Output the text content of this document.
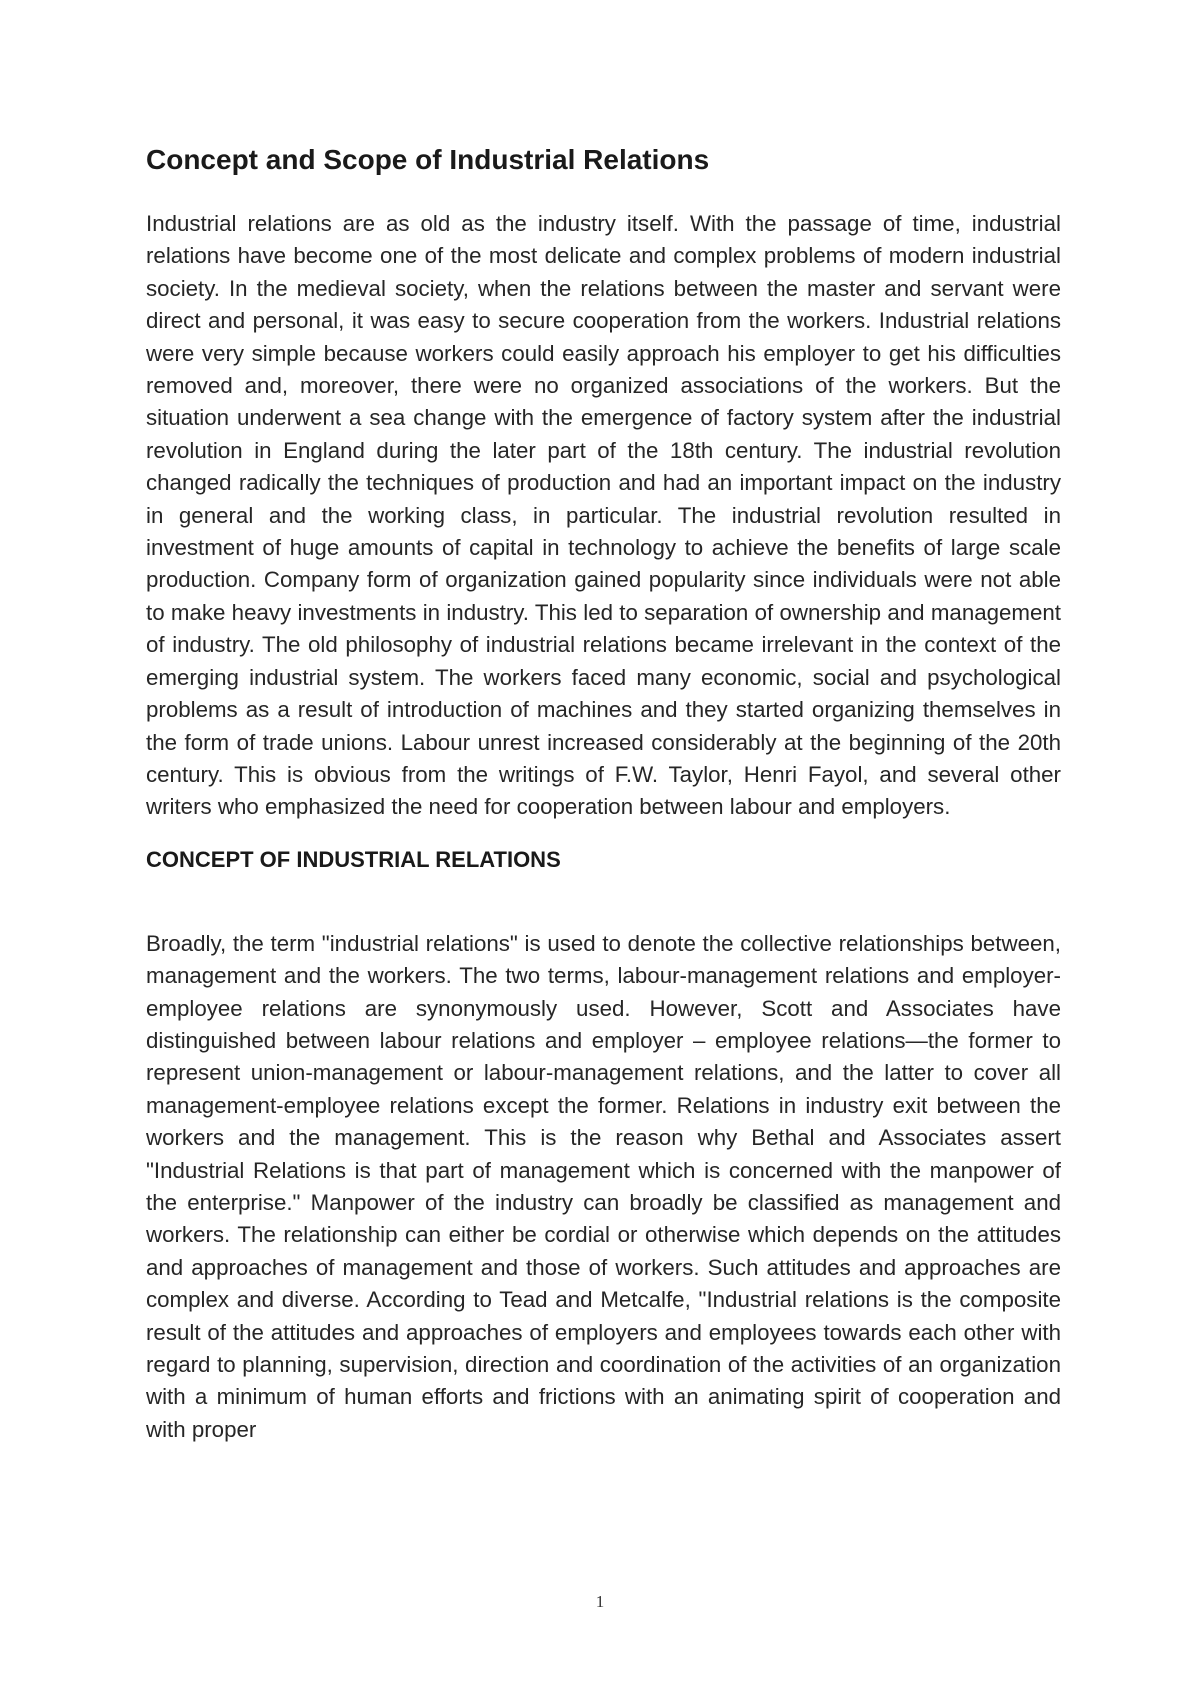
Concept and Scope of Industrial Relations

Industrial relations are as old as the industry itself. With the passage of time, industrial relations have become one of the most delicate and complex problems of modern industrial society. In the medieval society, when the relations between the master and servant were direct and personal, it was easy to secure cooperation from the workers. Industrial relations were very simple because workers could easily approach his employer to get his difficulties removed and, moreover, there were no organized associations of the workers. But the situation underwent a sea change with the emergence of factory system after the industrial revolution in England during the later part of the 18th century. The industrial revolution changed radically the techniques of production and had an important impact on the industry in general and the working class, in particular. The industrial revolution resulted in investment of huge amounts of capital in technology to achieve the benefits of large scale production. Company form of organization gained popularity since individuals were not able to make heavy investments in industry. This led to separation of ownership and management of industry. The old philosophy of industrial relations became irrelevant in the context of the emerging industrial system. The workers faced many economic, social and psychological problems as a result of introduction of machines and they started organizing themselves in the form of trade unions. Labour unrest increased considerably at the beginning of the 20th century. This is obvious from the writings of F.W. Taylor, Henri Fayol, and several other writers who emphasized the need for cooperation between labour and employers.

CONCEPT OF INDUSTRIAL RELATIONS

Broadly, the term "industrial relations" is used to denote the collective relationships between, management and the workers. The two terms, labour-management relations and employer- employee relations are synonymously used. However, Scott and Associates have distinguished between labour relations and employer – employee relations—the former to represent union-management or labour-management relations, and the latter to cover all management-employee relations except the former. Relations in industry exit between the workers and the management. This is the reason why Bethal and Associates assert "Industrial Relations is that part of management which is concerned with the manpower of the enterprise." Manpower of the industry can broadly be classified as management and workers. The relationship can either be cordial or otherwise which depends on the attitudes and approaches of management and those of workers. Such attitudes and approaches are complex and diverse. According to Tead and Metcalfe, "Industrial relations is the composite result of the attitudes and approaches of employers and employees towards each other with regard to planning, supervision, direction and coordination of the activities of an organization with a minimum of human efforts and frictions with an animating spirit of cooperation and with proper

1
